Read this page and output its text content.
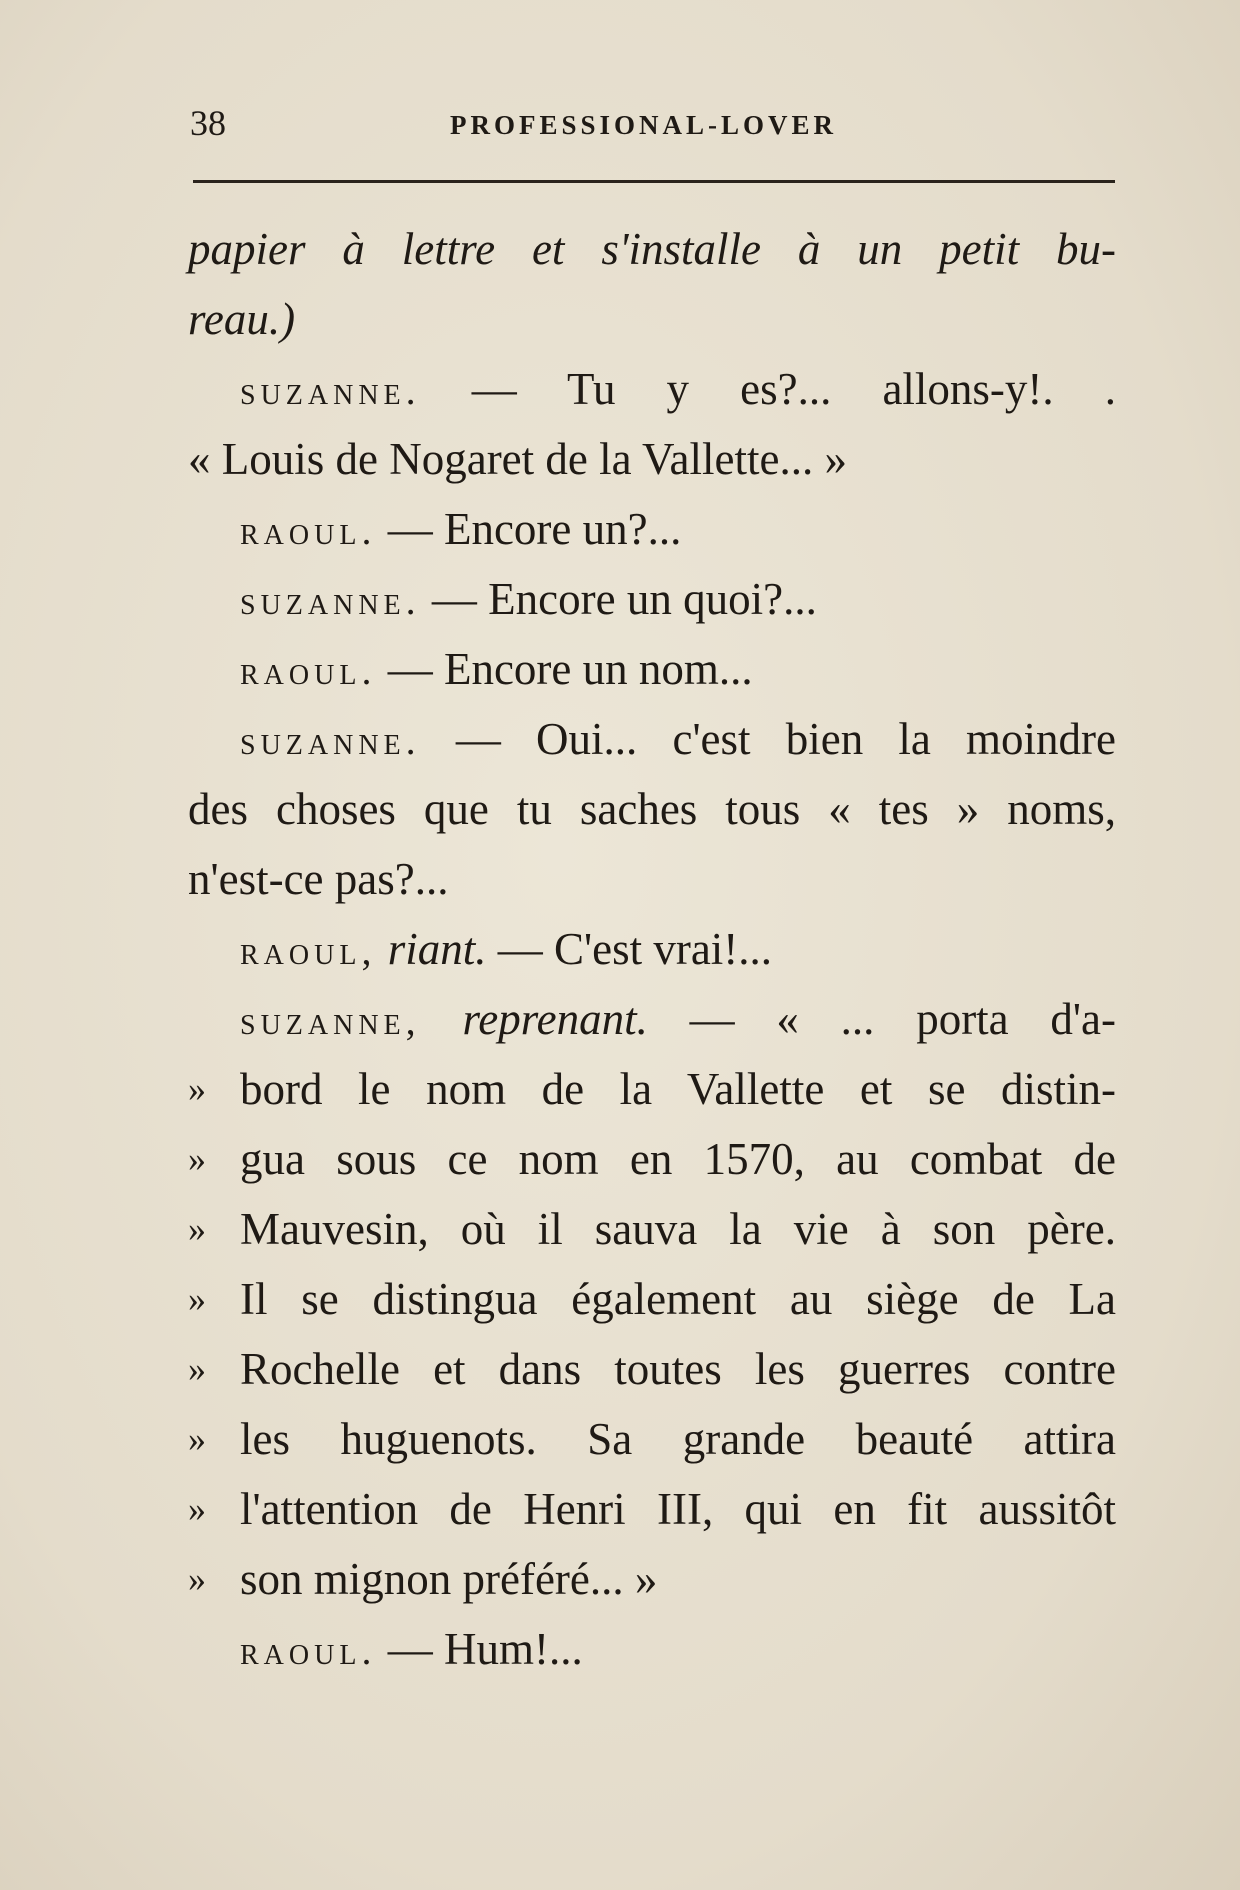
38	PROFESSIONAL-LOVER
papier à lettre et s'installe à un petit bu-
reau.)
suzanne. — Tu y es?... allons-y!. .
« Louis de Nogaret de la Vallette... »
raoul. — Encore un?...
suzanne. — Encore un quoi?...
raoul. — Encore un nom...
suzanne. — Oui... c'est bien la moindre
des choses que tu saches tous « tes » noms,
n'est-ce pas?...
raoul, riant. — C'est vrai!...
suzanne, reprenant. — « ... porta d'a-
» bord le nom de la Vallette et se distin-
» gua sous ce nom en 1570, au combat de
» Mauvesin, où il sauva la vie à son père.
» Il se distingua également au siège de La
» Rochelle et dans toutes les guerres contre
» les huguenots. Sa grande beauté attira
» l'attention de Henri III, qui en fit aussitôt
» son mignon préféré... »
raoul. — Hum!...
